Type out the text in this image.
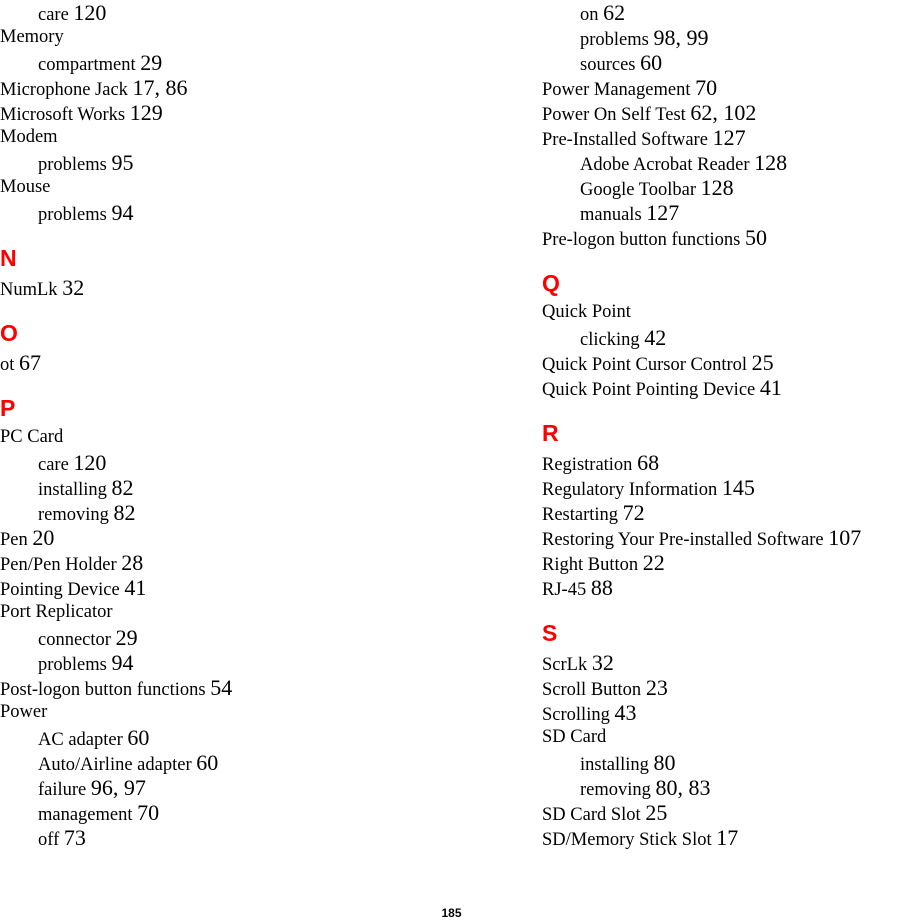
care 120
Memory
compartment 29
Microphone Jack 17, 86
Microsoft Works 129
Modem
problems 95
Mouse
problems 94
N
NumLk 32
O
ot 67
P
PC Card
care 120
installing 82
removing 82
Pen 20
Pen/Pen Holder 28
Pointing Device 41
Port Replicator
connector 29
problems 94
Post-logon button functions 54
Power
AC adapter 60
Auto/Airline adapter 60
failure 96, 97
management 70
off 73
on 62
problems 98, 99
sources 60
Power Management 70
Power On Self Test 62, 102
Pre-Installed Software 127
Adobe Acrobat Reader 128
Google Toolbar 128
manuals 127
Pre-logon button functions 50
Q
Quick Point
clicking 42
Quick Point Cursor Control 25
Quick Point Pointing Device 41
R
Registration 68
Regulatory Information 145
Restarting 72
Restoring Your Pre-installed Software 107
Right Button 22
RJ-45 88
S
ScrLk 32
Scroll Button 23
Scrolling 43
SD Card
installing 80
removing 80, 83
SD Card Slot 25
SD/Memory Stick Slot 17
185
